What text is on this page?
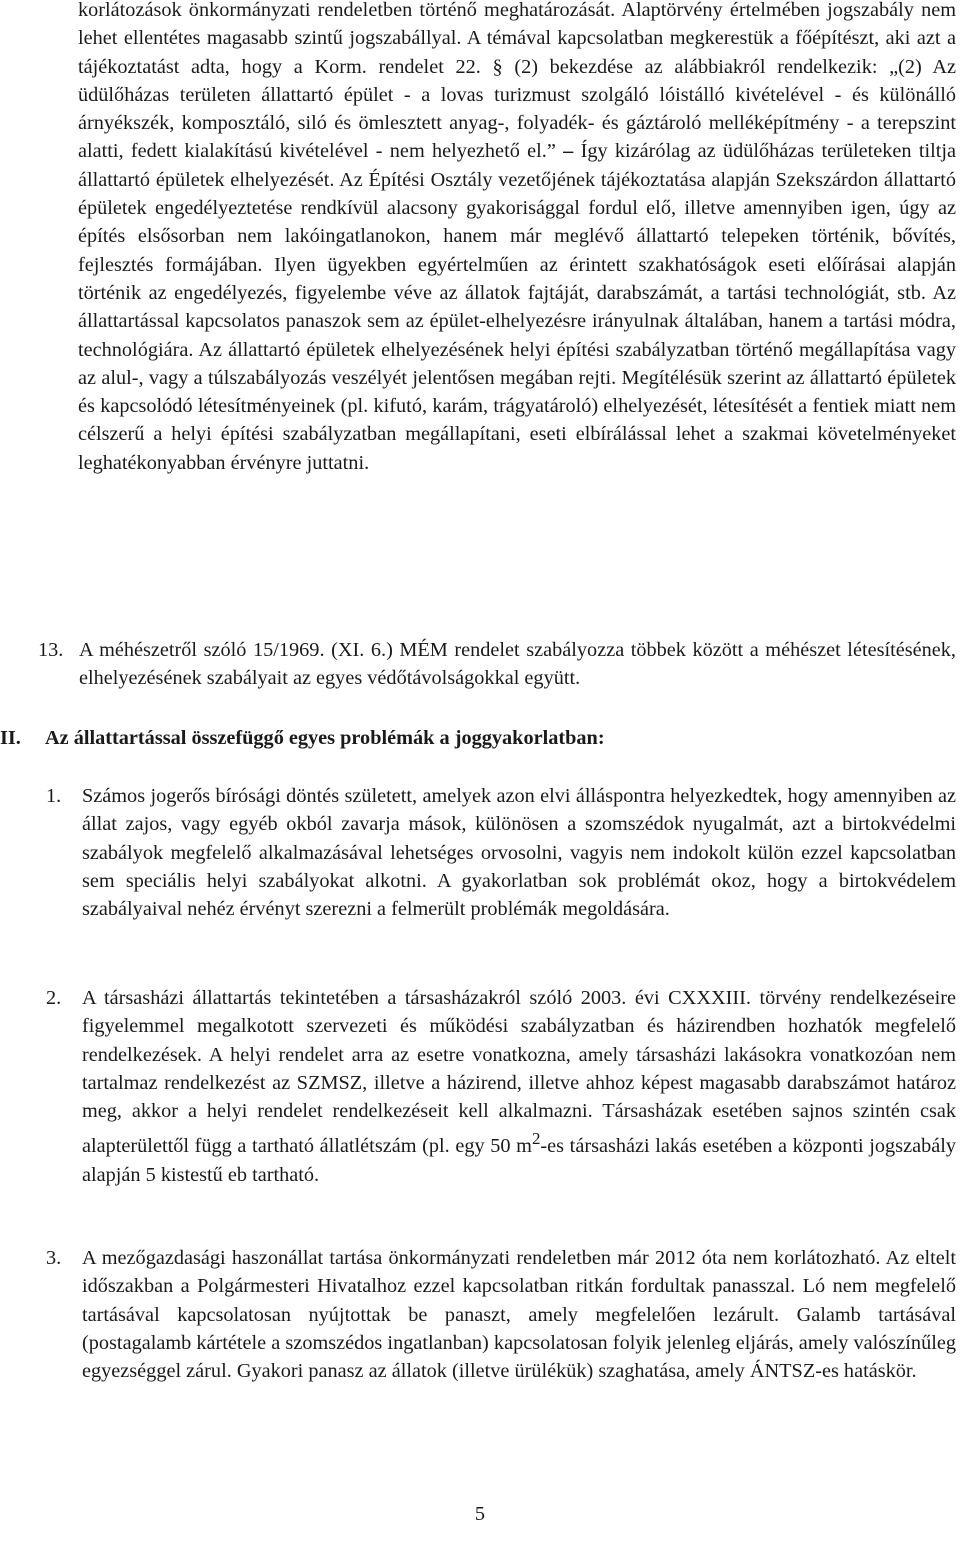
korlátozások önkormányzati rendeletben történő meghatározását. Alaptörvény értelmében jogszabály nem lehet ellentétes magasabb szintű jogszabállyal. A témával kapcsolatban megkerestük a főépítészt, aki azt a tájékoztatást adta, hogy a Korm. rendelet 22. § (2) bekezdése az alábbiakról rendelkezik: „(2) Az üdülőházas területen állattartó épület - a lovas turizmust szolgáló lóistálló kivételével - és különálló árnyékszék, komposztáló, siló és ömlesztett anyag-, folyadék- és gáztároló melléképítmény - a terepszint alatti, fedett kialakítású kivételével - nem helyezhető el.” – Így kizárólag az üdülőházas területeken tiltja állattartó épületek elhelyezését. Az Építési Osztály vezetőjének tájékoztatása alapján Szekszárdon állattartó épületek engedélyeztetése rendkívül alacsony gyakorisággal fordul elő, illetve amennyiben igen, úgy az építés elsősorban nem lakóingatlanokon, hanem már meglévő állattartó telepeken történik, bővítés, fejlesztés formájában. Ilyen ügyekben egyértelműen az érintett szakhatóságok eseti előírásai alapján történik az engedélyezés, figyelembe véve az állatok fajtáját, darabszámát, a tartási technológiát, stb. Az állattartással kapcsolatos panaszok sem az épület-elhelyezésre irányulnak általában, hanem a tartási módra, technológiára. Az állattartó épületek elhelyezésének helyi építési szabályzatban történő megállapítása vagy az alul-, vagy a túlszabályozás veszélyét jelentősen megában rejti. Megítélésük szerint az állattartó épületek és kapcsolódó létesítményeinek (pl. kifutó, karám, trágyatároló) elhelyezését, létesítését a fentiek miatt nem célszerű a helyi építési szabályzatban megállapítani, eseti elbírálással lehet a szakmai követelményeket leghatékonyabban érvényre juttatni.
13. A méhészetről szóló 15/1969. (XI. 6.) MÉM rendelet szabályozza többek között a méhészet létesítésének, elhelyezésének szabályait az egyes védőtávolságokkal együtt.
II. Az állattartással összefüggő egyes problémák a joggyakorlatban:
1. Számos jogerős bírósági döntés született, amelyek azon elvi álláspontra helyezkedtek, hogy amennyiben az állat zajos, vagy egyéb okból zavarja mások, különösen a szomszédok nyugalmát, azt a birtokvédelmi szabályok megfelelő alkalmazásával lehetséges orvosolni, vagyis nem indokolt külön ezzel kapcsolatban sem speciális helyi szabályokat alkotni. A gyakorlatban sok problémát okoz, hogy a birtokvédelem szabályaival nehéz érvényt szerezni a felmerült problémák megoldására.
2. A társasházi állattartás tekintetében a társasházakról szóló 2003. évi CXXXIII. törvény rendelkezéseire figyelemmel megalkotott szervezeti és működési szabályzatban és házirendben hozhatók megfelelő rendelkezések. A helyi rendelet arra az esetre vonatkozna, amely társasházi lakásokra vonatkozóan nem tartalmaz rendelkezést az SZMSZ, illetve a házirend, illetve ahhoz képest magasabb darabszámot határoz meg, akkor a helyi rendelet rendelkezéseit kell alkalmazni. Társasházak esetében sajnos szintén csak alapterülettől függ a tartható állatlétszám (pl. egy 50 $m^2-es$ társasházi lakás esetében a központi jogszabály alapján 5 kistestű eb tartható.
3. A mezőgazdasági haszonállat tartása önkormányzati rendeletben már 2012 óta nem korlátozható. Az eltelt időszakban a Polgármesteri Hivatalhoz ezzel kapcsolatban ritkán fordultak panasszal. Ló nem megfelelő tartásával kapcsolatosan nyújtottak be panaszt, amely megfelelően lezárult. Galamb tartásával (postagalamb kártétele a szomszédos ingatlanban) kapcsolatosan folyik jelenleg eljárás, amely valószínűleg egyezséggel zárul. Gyakori panasz az állatok (illetve ürülékük) szaghatása, amely ÁNTSZ-es hatáskör.
5
